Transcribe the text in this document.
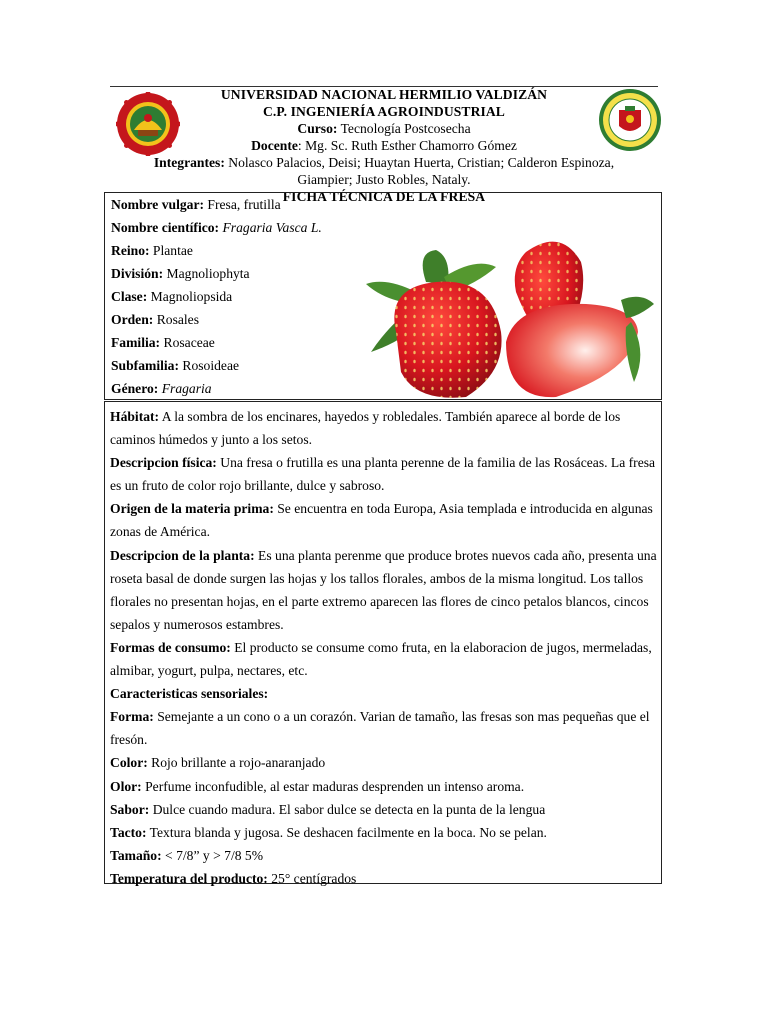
UNIVERSIDAD NACIONAL HERMILIO VALDIZÁN
C.P. INGENIERÍA AGROINDUSTRIAL
Curso: Tecnología Postcosecha
Docente: Mg. Sc. Ruth Esther Chamorro Gómez
Integrantes: Nolasco Palacios, Deisi; Huaytan Huerta, Cristian; Calderon Espinoza,
Giampier; Justo Robles, Nataly.
FICHA TÉCNICA DE LA FRESA
Nombre vulgar: Fresa, frutilla
Nombre científico: Fragaria Vasca L.
Reino: Plantae
División: Magnoliophyta
Clase: Magnoliopsida
Orden: Rosales
Familia: Rosaceae
Subfamilia: Rosoideae
Género: Fragaria

Hábitat: A la sombra de los encinares, hayedos y robledales. También aparece al borde de los caminos húmedos y junto a los setos.

Descripcion física: Una fresa o frutilla es una planta perenne de la familia de las Rosáceas. La fresa es un fruto de color rojo brillante, dulce y sabroso.

Origen de la materia prima: Se encuentra en toda Europa, Asia templada e introducida en algunas zonas de América.

Descripcion de la planta: Es una planta perenme que produce brotes nuevos cada año, presenta una roseta basal de donde surgen las hojas y los tallos florales, ambos de la misma longitud. Los tallos florales no presentan hojas, en el parte extremo aparecen las flores de cinco petalos blancos, cincos sepalos y numerosos estambres.

Formas de consumo: El producto se consume como fruta, en la elaboracion de jugos, mermeladas, almibar, yogurt, pulpa, nectares, etc.

Caracteristicas sensoriales:

Forma: Semejante a un cono o a un corazón. Varian de tamaño, las fresas son mas pequeñas que el fresón.

Color: Rojo brillante a rojo-anaranjado

Olor: Perfume inconfudible, al estar maduras desprenden un intenso aroma.

Sabor: Dulce cuando madura. El sabor dulce se detecta en la punta de la lengua

Tacto: Textura blanda y jugosa. Se deshacen facilmente en la boca. No se pelan.

Tamaño: < 7/8” y > 7/8 5%

Temperatura del producto: 25° centígrados
